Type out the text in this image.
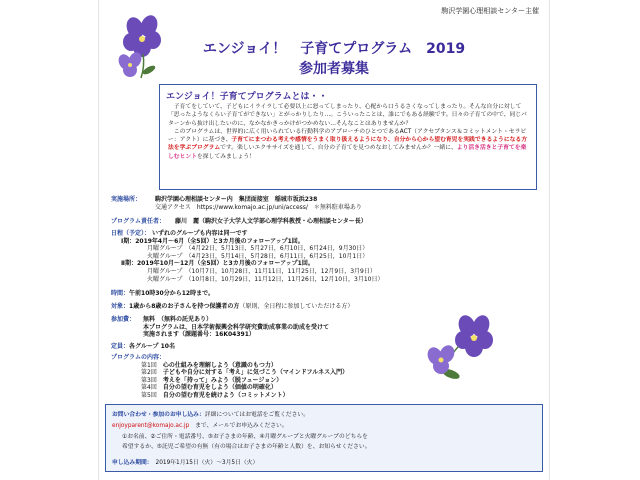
駒沢学園心理相談センター主催
エンジョイ！　子育てプログラム　2019
参加者募集
エンジョイ！子育てプログラムとは・・
　子育てをしていて、子どもにイライラして必要以上に怒ってしまったり、心配から口うるさくなってしまったり。そんな自分に対して「思ったようなくらい子育てができない」とがっかりしたり…。こういったことは、誰にでもある経験です。日々の子育ての中で、同じパターンから抜け出したいのに、なかなかきっかけがつかめない…そんなことはありませんか？
　このプログラムは、世界的に広く用いられている行動科学のアプローチのひとつであるACT（アクセプタンス＆コミットメント・セラピー：アクト）に基づき、子育てにまつわる考えや感情をうまく取り扱えるようになり、自分から心から望む育児を実践できるようになる方法を学ぶプログラムです。楽しいエクササイズを通して、自分の子育てを見つめなおしてみませんか？一緒に、より活き活きと子育てを楽しむヒントを探してみましょう！
実施場所： 駒沢学園心理相談センター内　集団面接室　稲城市坂浜238
交通アクセス　https://www.komajo.ac.jp/uni/access/　＊無料駐車場あり
プログラム責任者： 藤川　麗（駒沢女子大学人文学部心理学科教授・心理相談センター長）
日程（予定）： いずれのグループも内容は同一です
Ⅰ期：2019年4月〜6月（全5回）と3カ月後のフォローアップ1回。
月曜グループ　（4月22日，5月13日，5月27日，6月10日，6月24日，9月30日）
火曜グループ　（4月23日，5月14日，5月28日，6月11日，6月25日，10月1日）
Ⅱ期：2019年10月〜12月（全5回）と3カ月後のフォローアップ1回。
月曜グループ　（10月7日，10月28日，11月11日，11月25日，12月9日，3月9日）
火曜グループ　（10月8日，10月29日，11月12日，11月26日，12月10日，3月10日）
時間：午前10時30分から12時まで。
対象：1歳から8歳のお子さんを持つ保護者の方（原則、全日程に参加していただける方）
参加費： 無料　（無料の託児あり）
本プログラムは、日本学術振興会科学研究費助成事業の助成を受けて
実施されます（課題番号：16K04391）
定員：各グループ 10名
プログラムの内容：
第1回　 心の仕組みを理解しよう（意識のもつ力）
第2回　 子どもや自分に対する「考え」に気づこう（マインドフルネス入門）
第3回　 考えを「持って」みよう（脱フュージョン）
第4回　 自分の望む育児をしよう（価値の明確化）
第5回　 自分の望む育児を続けよう（コミットメント）
お問い合わせ・参加のお申し込み：詳細についてはお電話をご覧ください。
enjoyparent@komajo.ac.jp　 まで、メールでお申込みください。
①お名前、②ご住所・電話番号、③お子さまの年齢、④月曜グループと火曜グループのどちらを
希望するか、⑤託児ご希望の有無（有の場合はお子さまの年齢と人数）を、お知らせください。
申し込み期間：　 2019年1月15日（火）〜3月5日（火）
